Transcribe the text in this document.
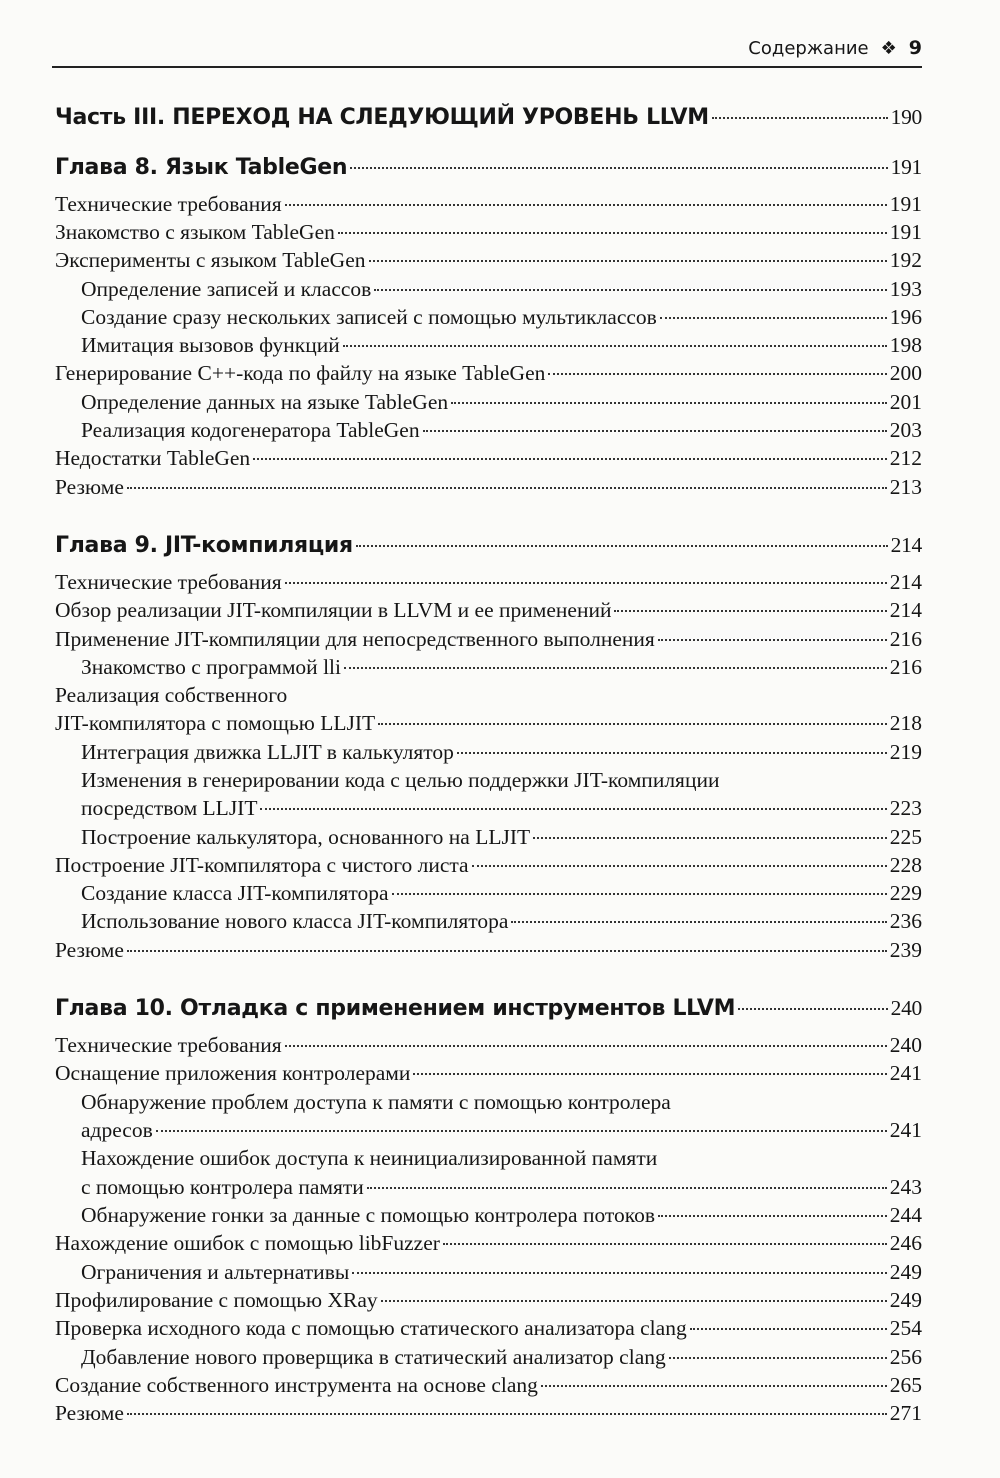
Содержание ❖ 9
Часть III. ПЕРЕХОД НА СЛЕДУЮЩИЙ УРОВЕНЬ LLVM	190
Глава 8. Язык TableGen	191
Технические требования	191
Знакомство с языком TableGen	191
Эксперименты с языком TableGen	192
Определение записей и классов	193
Создание сразу нескольких записей с помощью мультиклассов	196
Имитация вызовов функций	198
Генерирование C++-кода по файлу на языке TableGen	200
Определение данных на языке TableGen	201
Реализация кодогенератора TableGen	203
Недостатки TableGen	212
Резюме	213
Глава 9. JIT-компиляция	214
Технические требования	214
Обзор реализации JIT-компиляции в LLVM и ее применений	214
Применение JIT-компиляции для непосредственного выполнения	216
Знакомство с программой lli	216
Реализация собственного
JIT-компилятора с помощью LLJIT	218
Интеграция движка LLJIT в калькулятор	219
Изменения в генерировании кода с целью поддержки JIT-компиляции
посредством LLJIT	223
Построение калькулятора, основанного на LLJIT	225
Построение JIT-компилятора с чистого листа	228
Создание класса JIT-компилятора	229
Использование нового класса JIT-компилятора	236
Резюме	239
Глава 10. Отладка с применением инструментов LLVM	240
Технические требования	240
Оснащение приложения контролерами	241
Обнаружение проблем доступа к памяти с помощью контролера
адресов	241
Нахождение ошибок доступа к неинициализированной памяти
с помощью контролера памяти	243
Обнаружение гонки за данные с помощью контролера потоков	244
Нахождение ошибок с помощью libFuzzer	246
Ограничения и альтернативы	249
Профилирование с помощью XRay	249
Проверка исходного кода с помощью статического анализатора clang	254
Добавление нового проверщика в статический анализатор clang	256
Создание собственного инструмента на основе clang	265
Резюме	271
